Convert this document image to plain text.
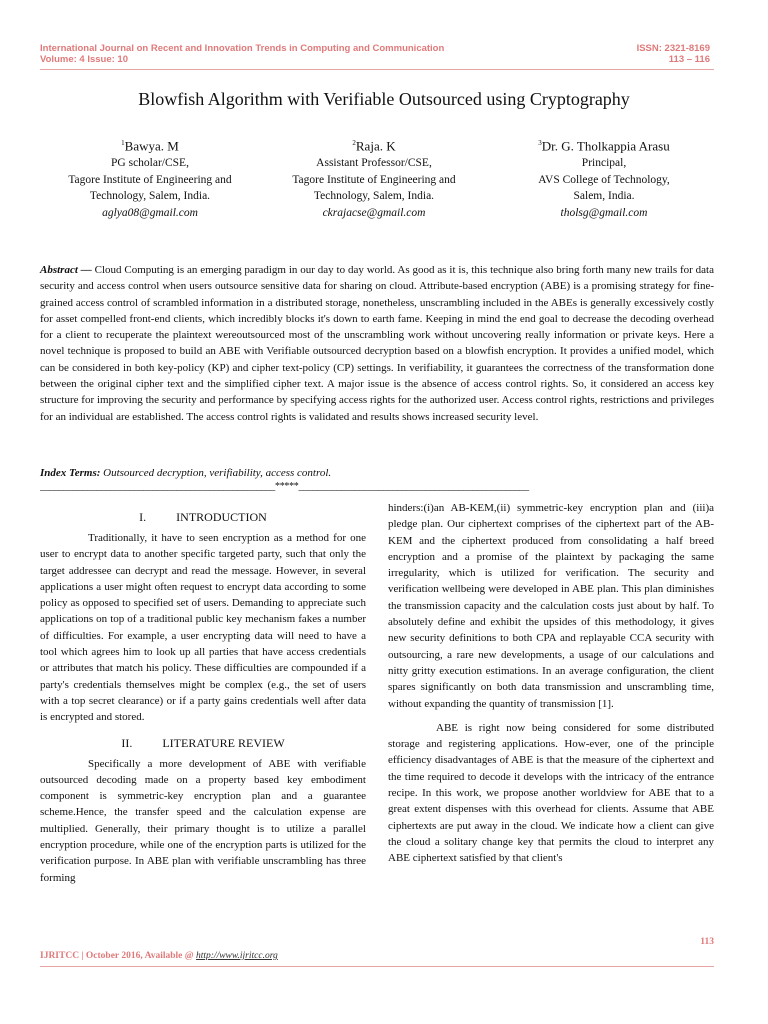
International Journal on Recent and Innovation Trends in Computing and Communication
Volume: 4 Issue: 10
ISSN: 2321-8169
113 – 116
Blowfish Algorithm with Verifiable Outsourced using Cryptography
$^1$Bawya. M
PG scholar/CSE,
Tagore Institute of Engineering and
Technology, Salem, India.
aglya08@gmail.com
$^2$Raja. K
Assistant Professor/CSE,
Tagore Institute of Engineering and
Technology, Salem, India.
ckrajacse@gmail.com
$^3$Dr. G. Tholkappia Arasu
Principal,
AVS College of Technology,
Salem, India.
tholsg@gmail.com
Abstract — Cloud Computing is an emerging paradigm in our day to day world. As good as it is, this technique also bring forth many new trails for data security and access control when users outsource sensitive data for sharing on cloud. Attribute-based encryption (ABE) is a promising strategy for fine-grained access control of scrambled information in a distributed storage, nonetheless, unscrambling included in the ABEs is generally excessively costly for asset compelled front-end clients, which incredibly blocks it's down to earth fame. Keeping in mind the end goal to decrease the decoding overhead for a client to recuperate the plaintext wereoutsourced most of the unscrambling work without uncovering really information or private keys. Here a novel technique is proposed to build an ABE with Verifiable outsourced decryption based on a blowfish encryption. It provides a unified model, which can be considered in both key-policy (KP) and cipher text-policy (CP) settings. In verifiability, it guarantees the correctness of the transformation done between the original cipher text and the simplified cipher text. A major issue is the absence of access control rights. So, it considered an access key structure for improving the security and performance by specifying access rights for the authorized user. Access control rights, restrictions and privileges for an individual are established. The access control rights is validated and results shows increased security level.
Index Terms: Outsourced decryption, verifiability, access control.
__________________________________________________*****_________________________________________________
I.	INTRODUCTION

Traditionally, it have to seen encryption as a method for one user to encrypt data to another specific targeted party, such that only the target addressee can decrypt and read the message. However, in several applications a user might often request to encrypt data according to some policy as opposed to specified set of users. Demanding to appreciate such applications on top of a traditional public key mechanism fakes a number of difficulties. For example, a user encrypting data will need to have a tool which agrees him to look up all parties that have access credentials or attributes that match his policy. These difficulties are compounded if a party's credentials themselves might be complex (e.g., the set of users with a top secret clearance) or if a party gains credentials well after data is encrypted and stored.

II.	LITERATURE REVIEW

Specifically a more development of ABE with verifiable outsourced decoding made on a property based key embodiment component is symmetric-key encryption plan and a guarantee scheme.Hence, the transfer speed and the calculation expense are multiplied. Generally, their primary thought is to utilize a parallel encryption procedure, while one of the encryption parts is utilized for the verification purpose. In ABE plan with verifiable unscrambling has three forming

hinders:(i)an AB-KEM,(ii) symmetric-key encryption plan and (iii)a pledge plan. Our ciphertext comprises of the ciphertext part of the AB-KEM and the ciphertext produced from consolidating a half breed encryption and a promise of the plaintext by packaging the same irregularity, which is utilized for verification. The security and verification wellbeing were developed in ABE plan. This plan diminishes the transmission capacity and the calculation costs just about by half. To absolutely define and exhibit the upsides of this methodology, it gives new security definitions to both CPA and replayable CCA security with outsourcing, a rare new developments, a usage of our calculations and nitty gritty execution estimations. In an average configuration, the client spares significantly on both data transmission and unscrambling time, without expanding the quantity of transmission [1].

ABE is right now being considered for some distributed storage and registering applications. How-ever, one of the principle efficiency disadvantages of ABE is that the measure of the ciphertext and the time required to decode it develops with the intricacy of the entrance recipe. In this work, we propose another worldview for ABE that to a great extent dispenses with this overhead for clients. Assume that ABE ciphertexts are put away in the cloud. We indicate how a client can give the cloud a solitary change key that permits the cloud to interpret any ABE ciphertext satisfied by that client's

113
IJRITCC | October 2016, Available @ http://www.ijritcc.org
